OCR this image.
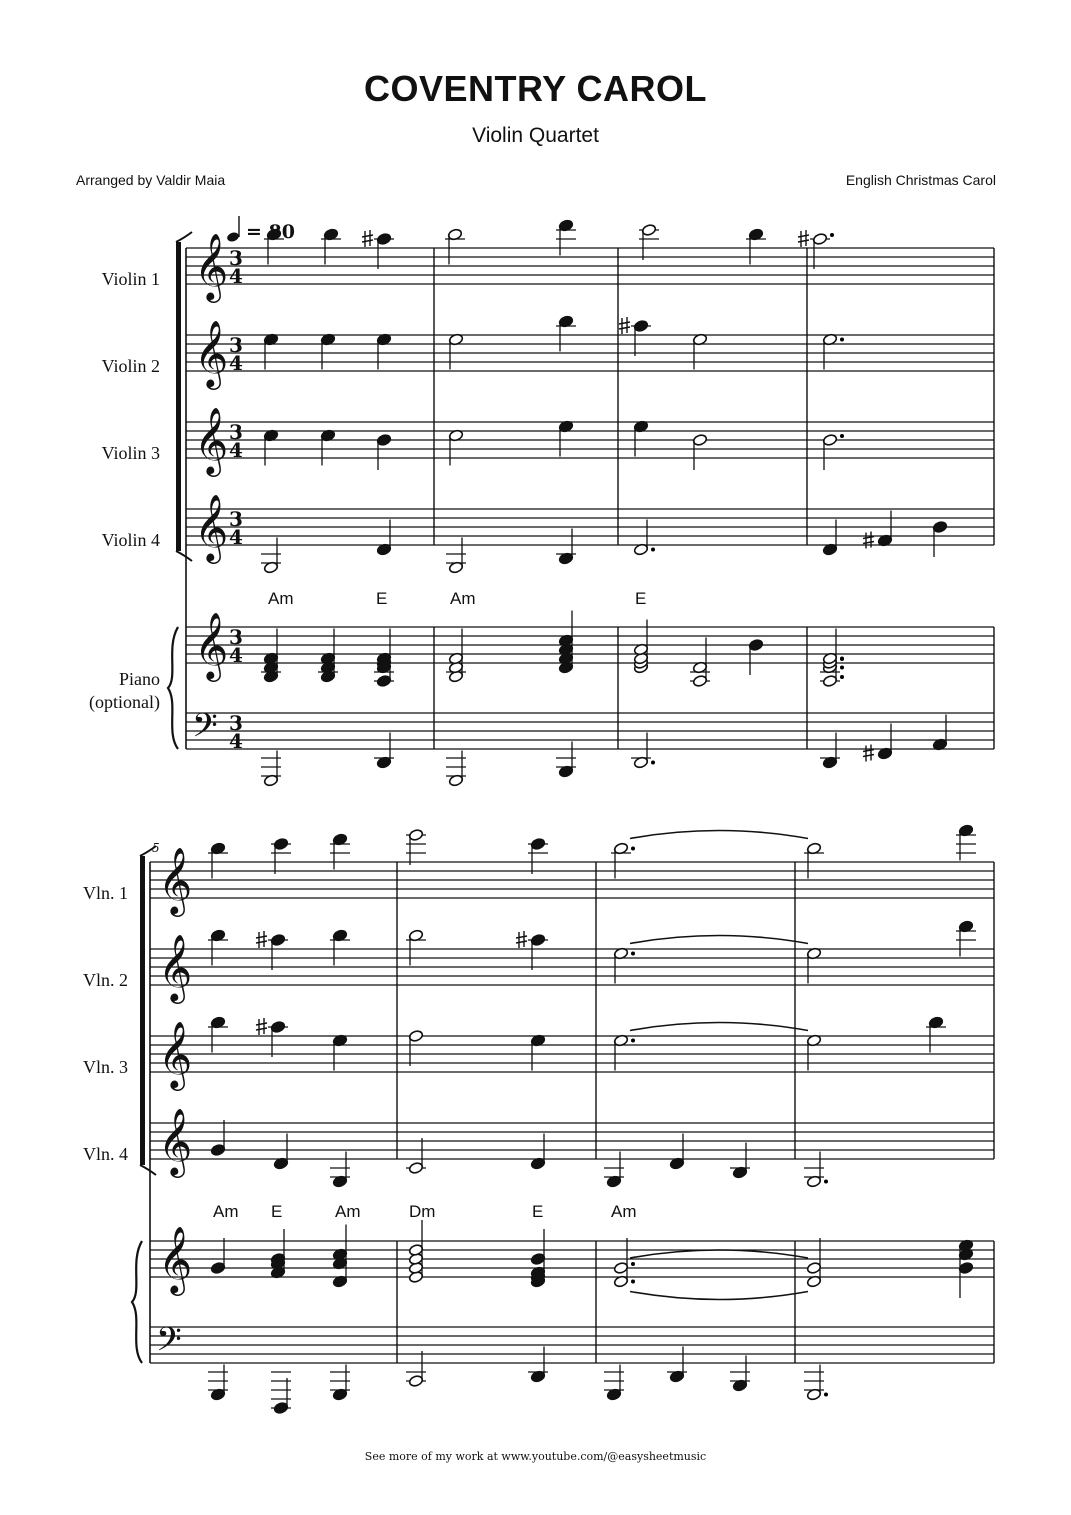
COVENTRY CAROL
Violin Quartet
Arranged by Valdir Maia	English Christmas Carol
𝄞 3
4
𝄞 3
4
𝄞 3
4
𝄞 3
4
𝄞 3
4
𝄢 3
4
𝄞
𝄞
𝄞
𝄞
𝄞
𝄢
= 80
5
Violin 1
Violin 2
Violin 3
Violin 4
Piano
(optional)
Am	E	Am	E
Vln. 1
Vln. 2
Vln. 3
Vln. 4
Am E	Am	Dm	E	Am
See more of my work at www.youtube.com/@easysheetmusic
